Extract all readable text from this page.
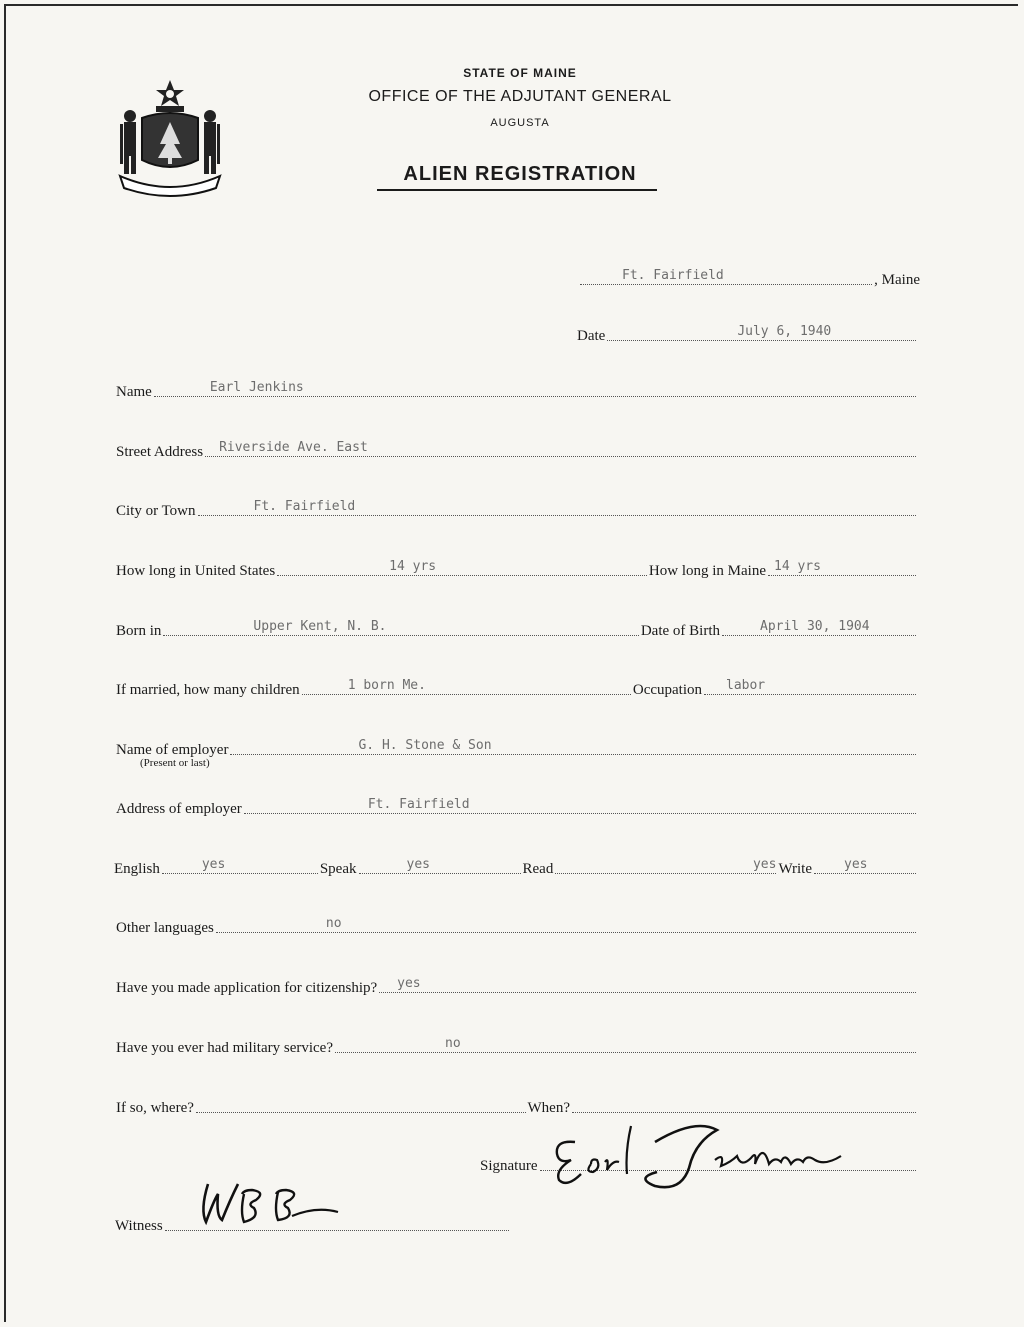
STATE OF MAINE
OFFICE OF THE ADJUTANT GENERAL
AUGUSTA
ALIEN REGISTRATION
Ft. Fairfield	, Maine
Date	July 6, 1940
Name	Earl Jenkins
Street Address Riverside Ave. East
City or Town	Ft. Fairfield
How long in United States	14 yrs	How long in Maine 14 yrs
Born in	Upper Kent, N. B.	Date of Birth	April 30, 1904
If married, how many children	1 born Me.	Occupation labor
Name of employer	G. H. Stone & Son
(Present or last)
Address of employer	Ft. Fairfield
English	yes	Speak	yes	Read	yes Write yes
Other languages	no
Have you made application for citizenship? yes
Have you ever had military service?	no
If so, where?	When?
Signature
Witness
